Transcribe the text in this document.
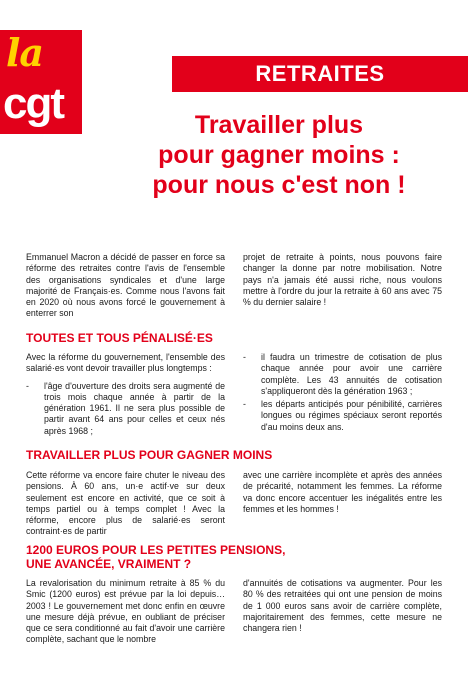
la
cgt
RETRAITES
Travailler plus
pour gagner moins :
pour nous c'est non !

Emmanuel Macron a décidé de passer en force sa réforme des retraites contre l'avis de l'ensemble des organisations syndicales et d'une large majorité de Français·es. Comme nous l'avons fait en 2020 où nous avons forcé le gouvernement à enterrer son

projet de retraite à points, nous pouvons faire changer la donne par notre mobilisation. Notre pays n'a jamais été aussi riche, nous voulons mettre à l'ordre du jour la retraite à 60 ans avec 75 % du dernier salaire !

TOUTES ET TOUS PÉNALISÉ·ES

Avec la réforme du gouvernement, l'ensemble des salarié·es vont devoir travailler plus longtemps :

- l'âge d'ouverture des droits sera augmenté de trois mois chaque année à partir de la génération 1961. Il ne sera plus possible de partir avant 64 ans pour celles et ceux nés après 1968 ;
- il faudra un trimestre de cotisation de plus chaque année pour avoir une carrière complète. Les 43 annuités de cotisation s'appliqueront dès la génération 1963 ;
- les départs anticipés pour pénibilité, carrières longues ou régimes spéciaux seront reportés d'au moins deux ans.
TRAVAILLER PLUS POUR GAGNER MOINS

Cette réforme va encore faire chuter le niveau des pensions. À 60 ans, un·e actif·ve sur deux seulement est encore en activité, que ce soit à temps partiel ou à temps complet ! Avec la réforme, encore plus de salarié·es seront contraint·es de partir

avec une carrière incomplète et après des années de précarité, notamment les femmes. La réforme va donc encore accentuer les inégalités entre les femmes et les hommes !

1200 EUROS POUR LES PETITES PENSIONS,
UNE AVANCÉE, VRAIMENT ?

La revalorisation du minimum retraite à 85 % du Smic (1200 euros) est prévue par la loi depuis… 2003 ! Le gouvernement met donc enfin en œuvre une mesure déjà prévue, en oubliant de préciser que ce sera conditionné au fait d'avoir une carrière complète, sachant que le nombre

d'annuités de cotisations va augmenter. Pour les 80 % des retraitées qui ont une pension de moins de 1 000 euros sans avoir de carrière complète, majoritairement des femmes, cette mesure ne changera rien !
